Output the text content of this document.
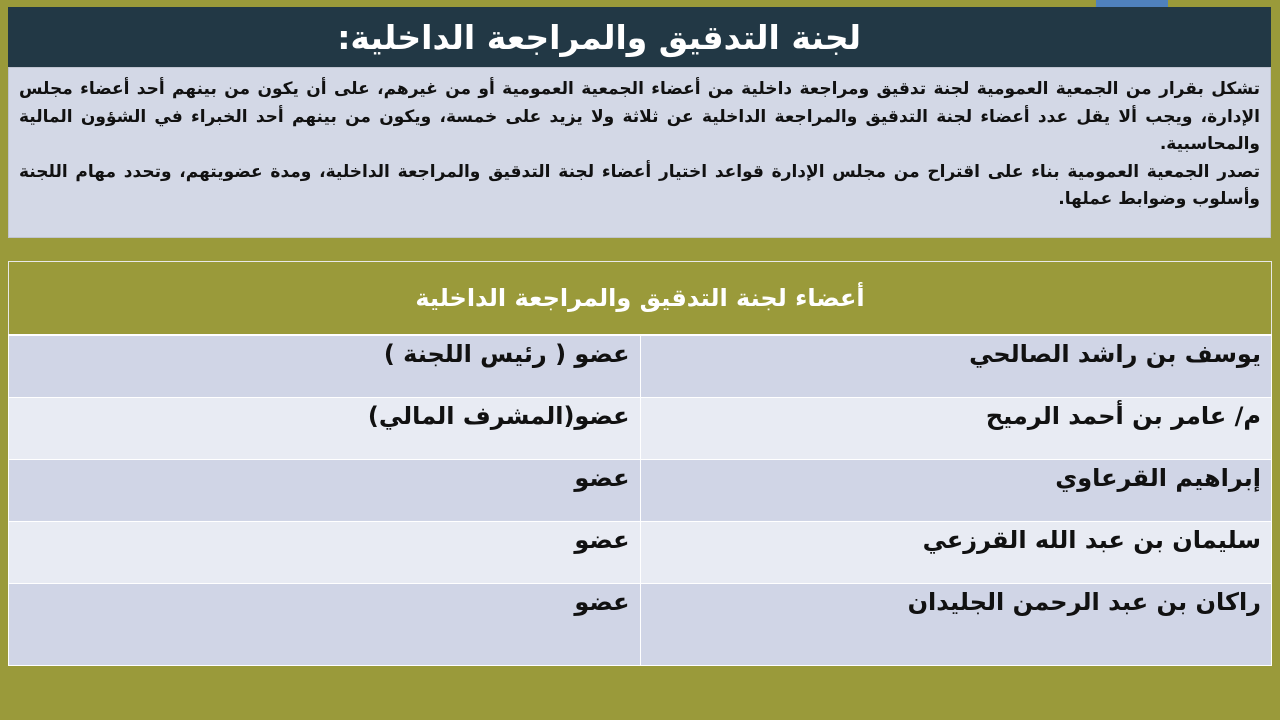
لجنة التدقيق والمراجعة الداخلية:

تشكل بقرار من الجمعية العمومية لجنة تدقيق ومراجعة داخلية من أعضاء الجمعية العمومية أو من غيرهم، على أن يكون من بينهم أحد أعضاء مجلس الإدارة، ويجب ألا يقل عدد أعضاء لجنة التدقيق والمراجعة الداخلية عن ثلاثة ولا يزيد على خمسة، ويكون من بينهم أحد الخبراء في الشؤون المالية والمحاسبية.

تصدر الجمعية العمومية بناء على اقتراح من مجلس الإدارة قواعد اختيار أعضاء لجنة التدقيق والمراجعة الداخلية، ومدة عضويتهم، وتحدد مهام اللجنة وأسلوب وضوابط عملها.

أعضاء لجنة التدقيق والمراجعة الداخلية	
يوسف بن راشد الصالحي	عضو ( رئيس اللجنة )
م/ عامر بن أحمد الرميح	عضو(المشرف المالي)
إبراهيم القرعاوي	عضو
سليمان بن عبد الله القرزعي	عضو
راكان بن عبد الرحمن الجليدان	عضو
